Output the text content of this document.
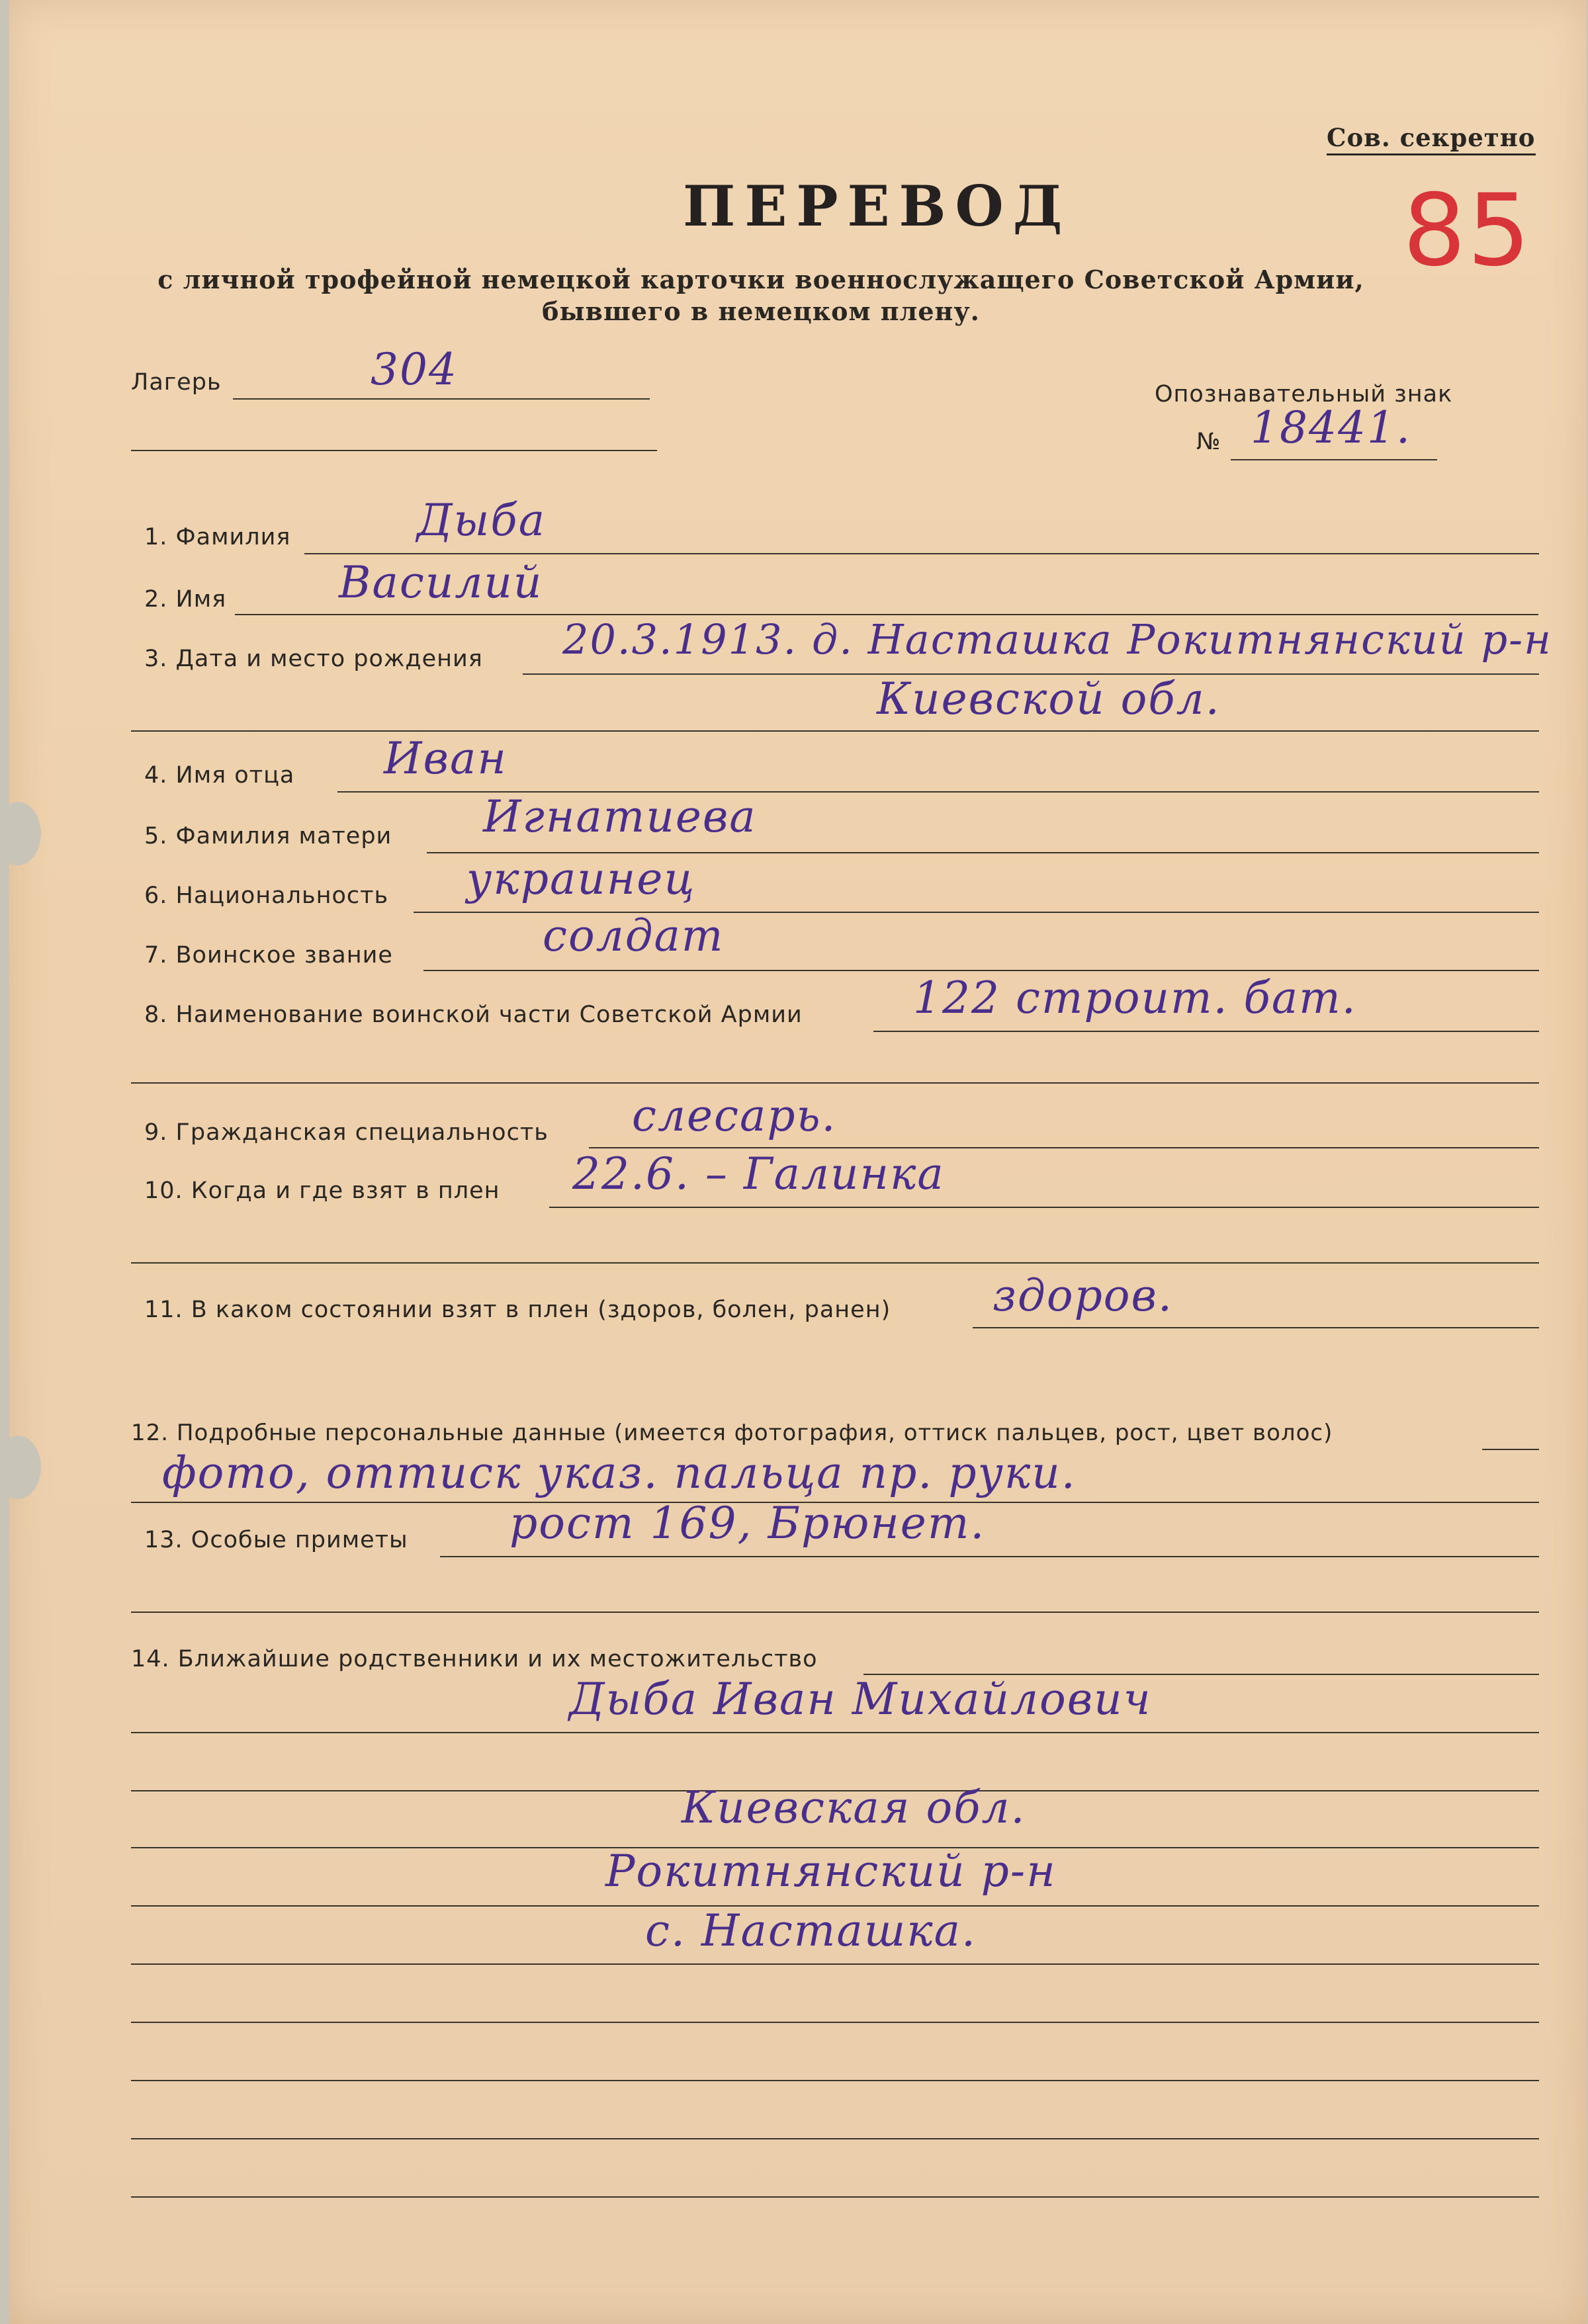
Сов. секретно
85
ПЕРЕВОД
с личной трофейной немецкой карточки военнослужащего Советской Армии,
бывшего в немецком плену.
Лагерь	304	Опознавательный знак
№ 18441.
1. Фамилия	Дыба
2. Имя	Василий
3. Дата и место рождения 20.3.1913. д. Насташка Рокитнянский р-н
Киевской обл.
4. Имя отца Иван
5. Фамилия матери Игнатиева
6. Национальность украинец
7. Воинское звание	солдат
8. Наименование воинской части Советской Армии	122 строит. бат.
9. Гражданская специальность слесарь.
10. Когда и где взят в плен 22.6. – Галинка
11. В каком состоянии взят в плен (здоров, болен, ранен) здоров.
12. Подробные персональные данные (имеется фотография, оттиск пальцев, рост, цвет волос)
фото, оттиск указ. пальца пр. руки.
13. Особые приметы рост 169, Брюнет.
14. Ближайшие родственники и их местожительство
Дыба Иван Михайлович
Киевская обл.
Рокитнянский р-н
с. Насташка.
